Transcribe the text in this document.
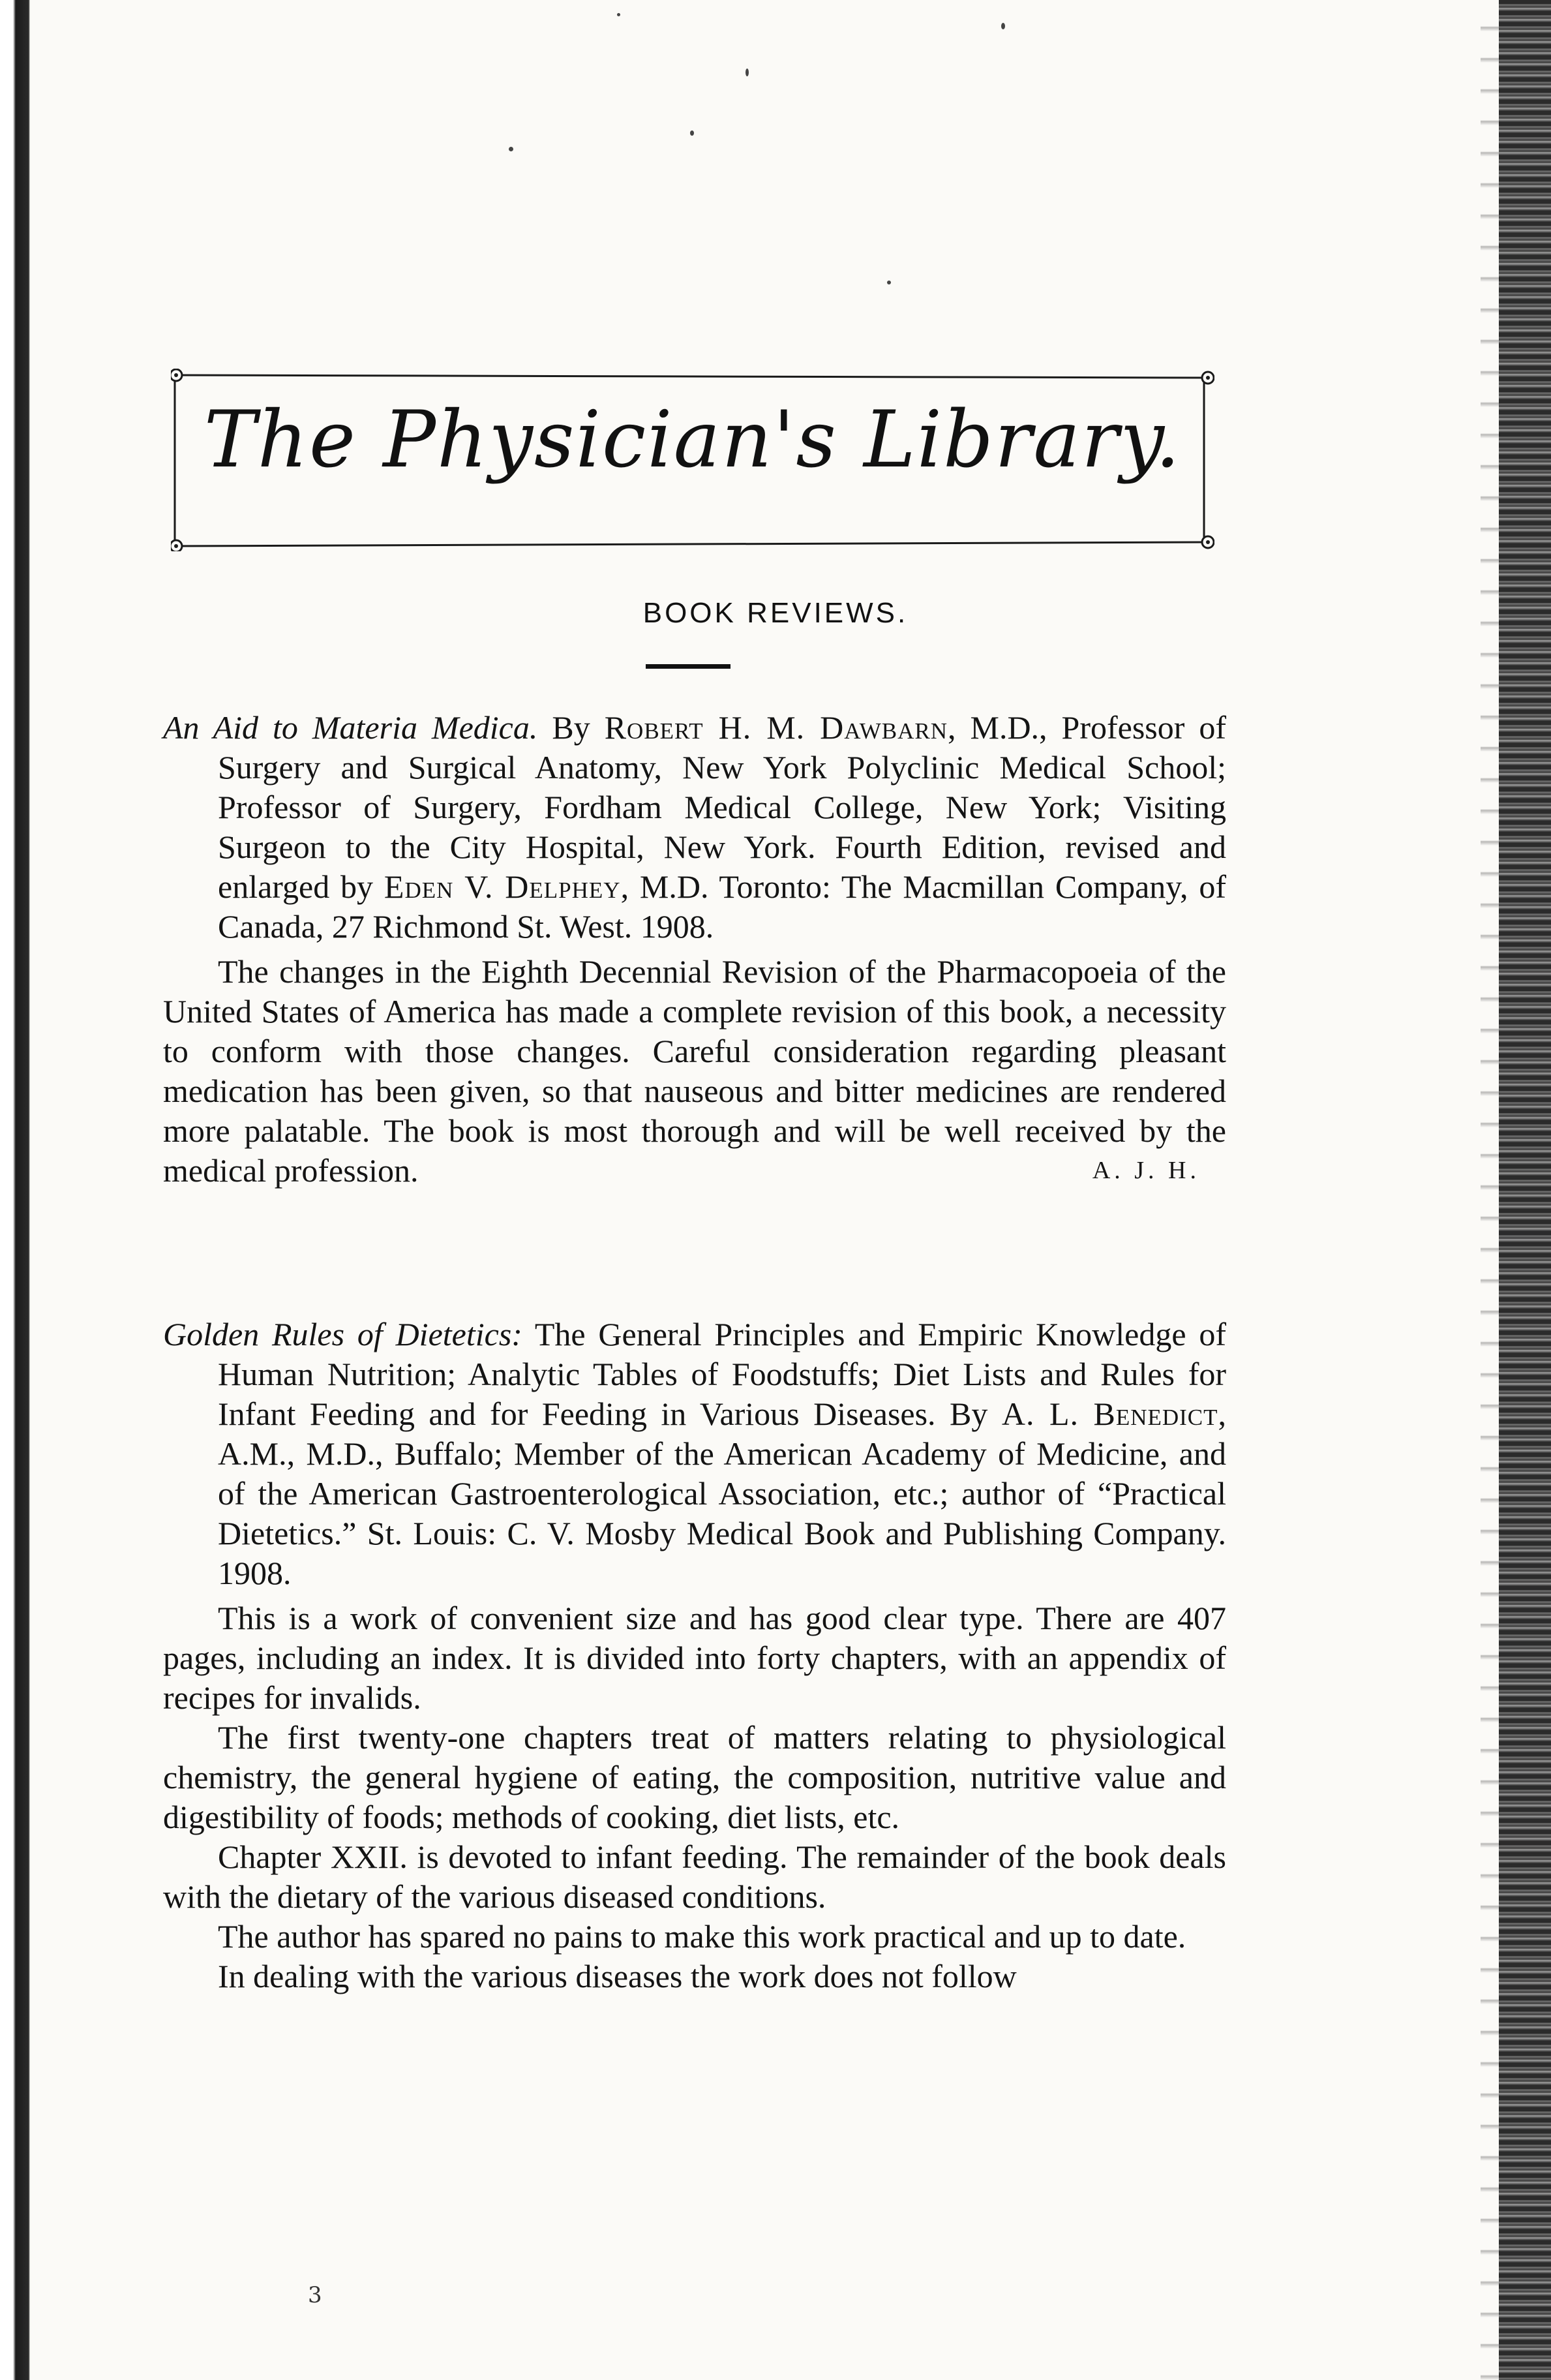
The Physician's Library.
BOOK REVIEWS.

An Aid to Materia Medica. By Robert H. M. Dawbarn, M.D., Professor of Surgery and Surgical Anatomy, New York Polyclinic Medical School; Professor of Surgery, Fordham Medical College, New York; Visiting Surgeon to the City Hospital, New York. Fourth Edition, revised and enlarged by Eden V. Delphey, M.D. Toronto: The Macmillan Company, of Canada, 27 Richmond St. West. 1908.

The changes in the Eighth Decennial Revision of the Pharmacopoeia of the United States of America has made a complete revision of this book, a necessity to conform with those changes. Careful consideration regarding pleasant medication has been given, so that nauseous and bitter medicines are rendered more palatable. The book is most thorough and will be well received by the medical profession.	A. J. H.

Golden Rules of Dietetics: The General Principles and Empiric Knowledge of Human Nutrition; Analytic Tables of Foodstuffs; Diet Lists and Rules for Infant Feeding and for Feeding in Various Diseases. By A. L. Benedict, A.M., M.D., Buffalo; Member of the American Academy of Medicine, and of the American Gastroenterological Association, etc.; author of “Practical Dietetics.” St. Louis: C. V. Mosby Medical Book and Publishing Company. 1908.

This is a work of convenient size and has good clear type. There are 407 pages, including an index. It is divided into forty chapters, with an appendix of recipes for invalids.

The first twenty-one chapters treat of matters relating to physiological chemistry, the general hygiene of eating, the composition, nutritive value and digestibility of foods; methods of cooking, diet lists, etc.

Chapter XXII. is devoted to infant feeding. The remainder of the book deals with the dietary of the various diseased conditions.

The author has spared no pains to make this work practical and up to date.

In dealing with the various diseases the work does not follow

3
